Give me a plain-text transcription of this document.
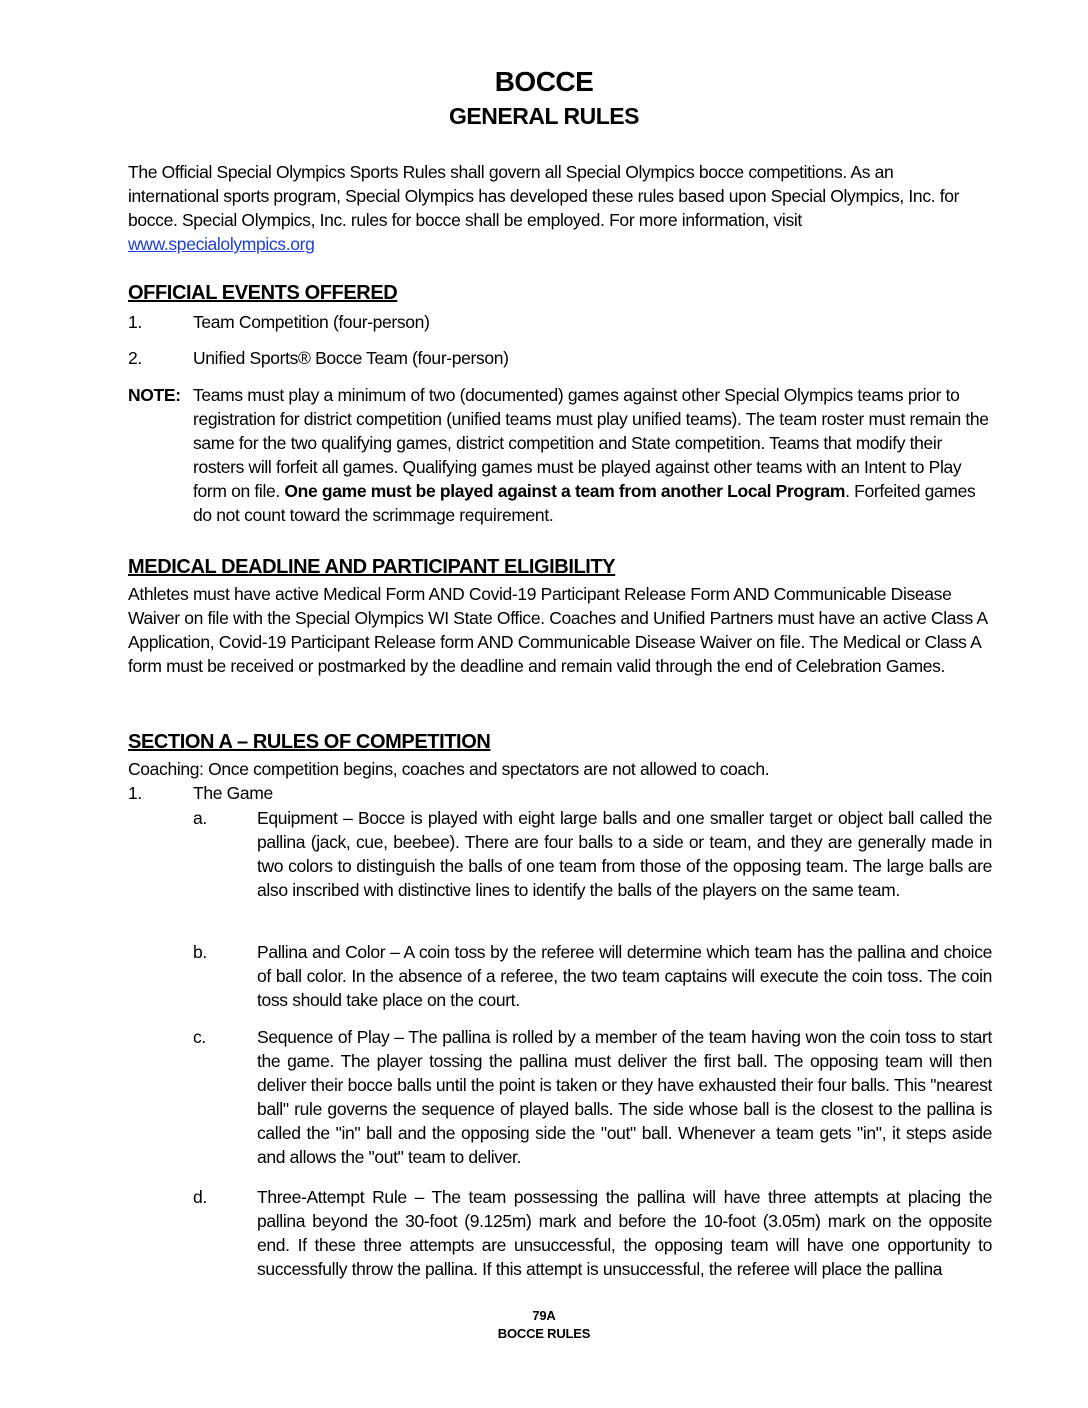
BOCCE
GENERAL RULES

The Official Special Olympics Sports Rules shall govern all Special Olympics bocce competitions. As an international sports program, Special Olympics has developed these rules based upon Special Olympics, Inc. for bocce. Special Olympics, Inc. rules for bocce shall be employed. For more information, visit
www.specialolympics.org

OFFICIAL EVENTS OFFERED
1.	Team Competition (four-person)
2.	Unified Sports® Bocce Team (four-person)
NOTE: Teams must play a minimum of two (documented) games against other Special Olympics teams prior to registration for district competition (unified teams must play unified teams). The team roster must remain the same for the two qualifying games, district competition and State competition. Teams that modify their rosters will forfeit all games. Qualifying games must be played against other teams with an Intent to Play form on file. One game must be played against a team from another Local Program. Forfeited games do not count toward the scrimmage requirement.

MEDICAL DEADLINE AND PARTICIPANT ELIGIBILITY

Athletes must have active Medical Form AND Covid-19 Participant Release Form AND Communicable Disease Waiver on file with the Special Olympics WI State Office. Coaches and Unified Partners must have an active Class A Application, Covid-19 Participant Release form AND Communicable Disease Waiver on file. The Medical or Class A form must be received or postmarked by the deadline and remain valid through the end of Celebration Games.

SECTION A – RULES OF COMPETITION

Coaching: Once competition begins, coaches and spectators are not allowed to coach.

1.	The Game
a.	Equipment – Bocce is played with eight large balls and one smaller target or object ball called the pallina (jack, cue, beebee). There are four balls to a side or team, and they are generally made in two colors to distinguish the balls of one team from those of the opposing team. The large balls are also inscribed with distinctive lines to identify the balls of the players on the same team.

b.	Pallina and Color – A coin toss by the referee will determine which team has the pallina and choice of ball color. In the absence of a referee, the two team captains will execute the coin toss. The coin toss should take place on the court.

c.	Sequence of Play – The pallina is rolled by a member of the team having won the coin toss to start the game. The player tossing the pallina must deliver the first ball. The opposing team will then deliver their bocce balls until the point is taken or they have exhausted their four balls. This "nearest ball" rule governs the sequence of played balls. The side whose ball is the closest to the pallina is called the "in" ball and the opposing side the "out" ball. Whenever a team gets "in", it steps aside and allows the "out" team to deliver.

d.	Three-Attempt Rule – The team possessing the pallina will have three attempts at placing the pallina beyond the 30-foot (9.125m) mark and before the 10-foot (3.05m) mark on the opposite end. If these three attempts are unsuccessful, the opposing team will have one opportunity to successfully throw the pallina. If this attempt is unsuccessful, the referee will place the pallina

79A
BOCCE RULES
